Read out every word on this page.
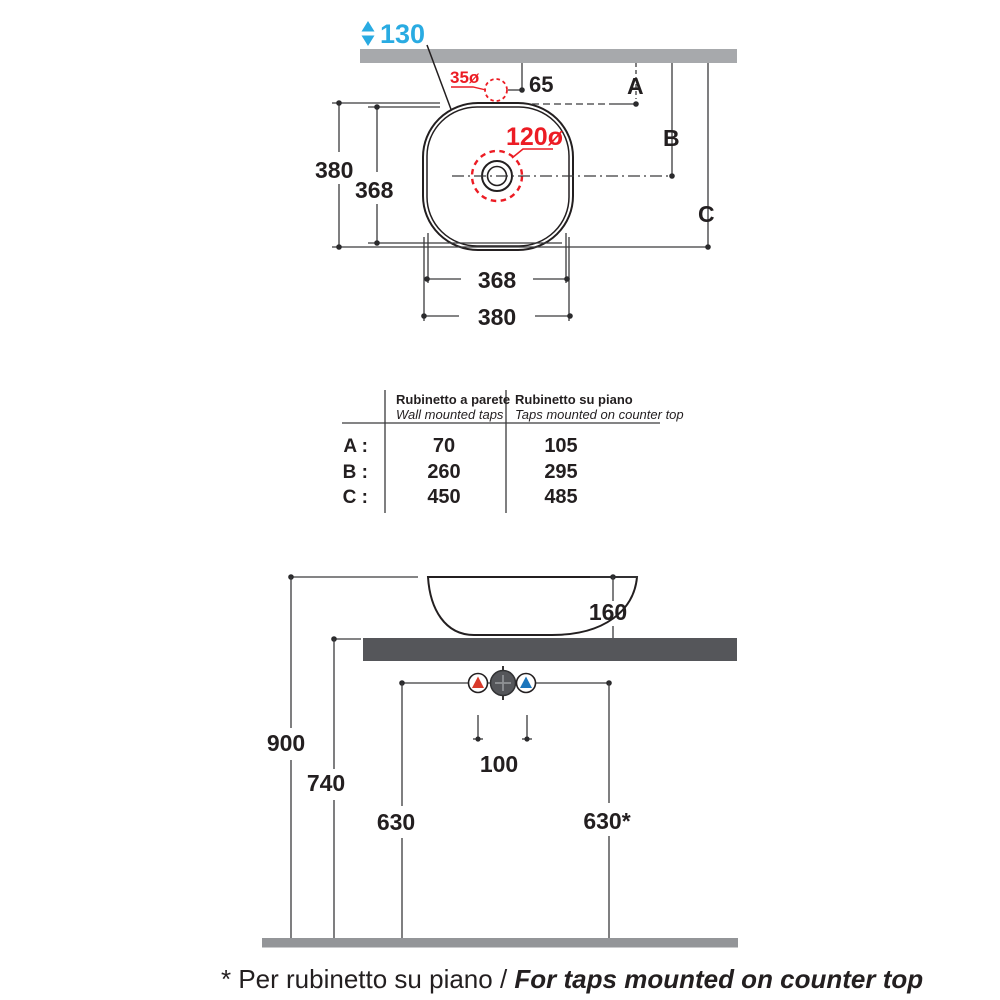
130
35ø 65
120ø
380
368
368
380
A
B
C
Rubinetto a parete
Wall mounted taps
Rubinetto su piano
Taps mounted on counter top
A :	70	105
B :	260	295
C :	450	485
160
900
740
100
630	630*
* Per rubinetto su piano / For taps mounted on counter top
